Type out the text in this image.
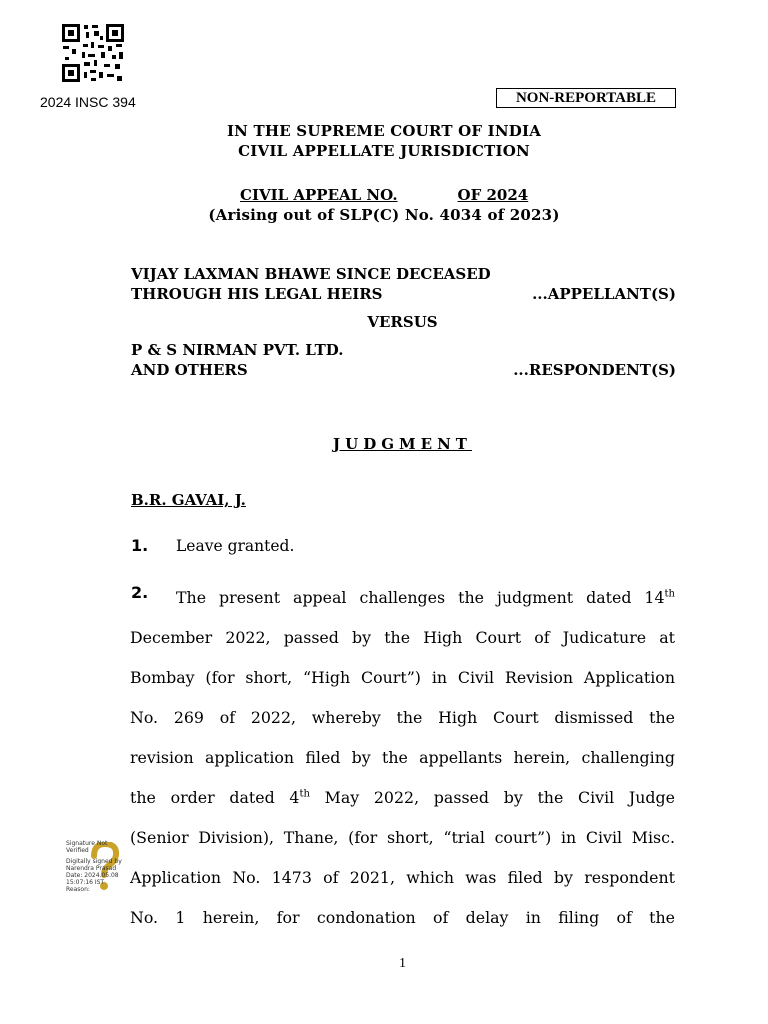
2024 INSC 394	NON-REPORTABLE
IN THE SUPREME COURT OF INDIA
CIVIL APPELLATE JURISDICTION
CIVIL APPEAL NO.	OF 2024
(Arising out of SLP(C) No. 4034 of 2023)
VIJAY LAXMAN BHAWE SINCE DECEASED
THROUGH HIS LEGAL HEIRS	...APPELLANT(S)
VERSUS
P & S NIRMAN PVT. LTD.
AND OTHERS	...RESPONDENT(S)
JUDGMENT
B.R. GAVAI, J.
1. Leave granted.
2.	The present appeal challenges the judgment dated 14th
December 2022, passed by the High Court of Judicature at
Bombay (for short, “High Court”) in Civil Revision Application
No. 269 of 2022, whereby the High Court dismissed the
revision application filed by the appellants herein, challenging
the order dated 4th May 2022, passed by the Civil Judge
(Senior Division), Thane, (for short, “trial court”) in Civil Misc.
Application No. 1473 of 2021, which was filed by respondent
No. 1 herein, for condonation of delay in filing of the
Signature Not Verified
Digitally signed by
Narendra Prasad
Date: 2024.05.08
15:07:16 IST
Reason:
1
